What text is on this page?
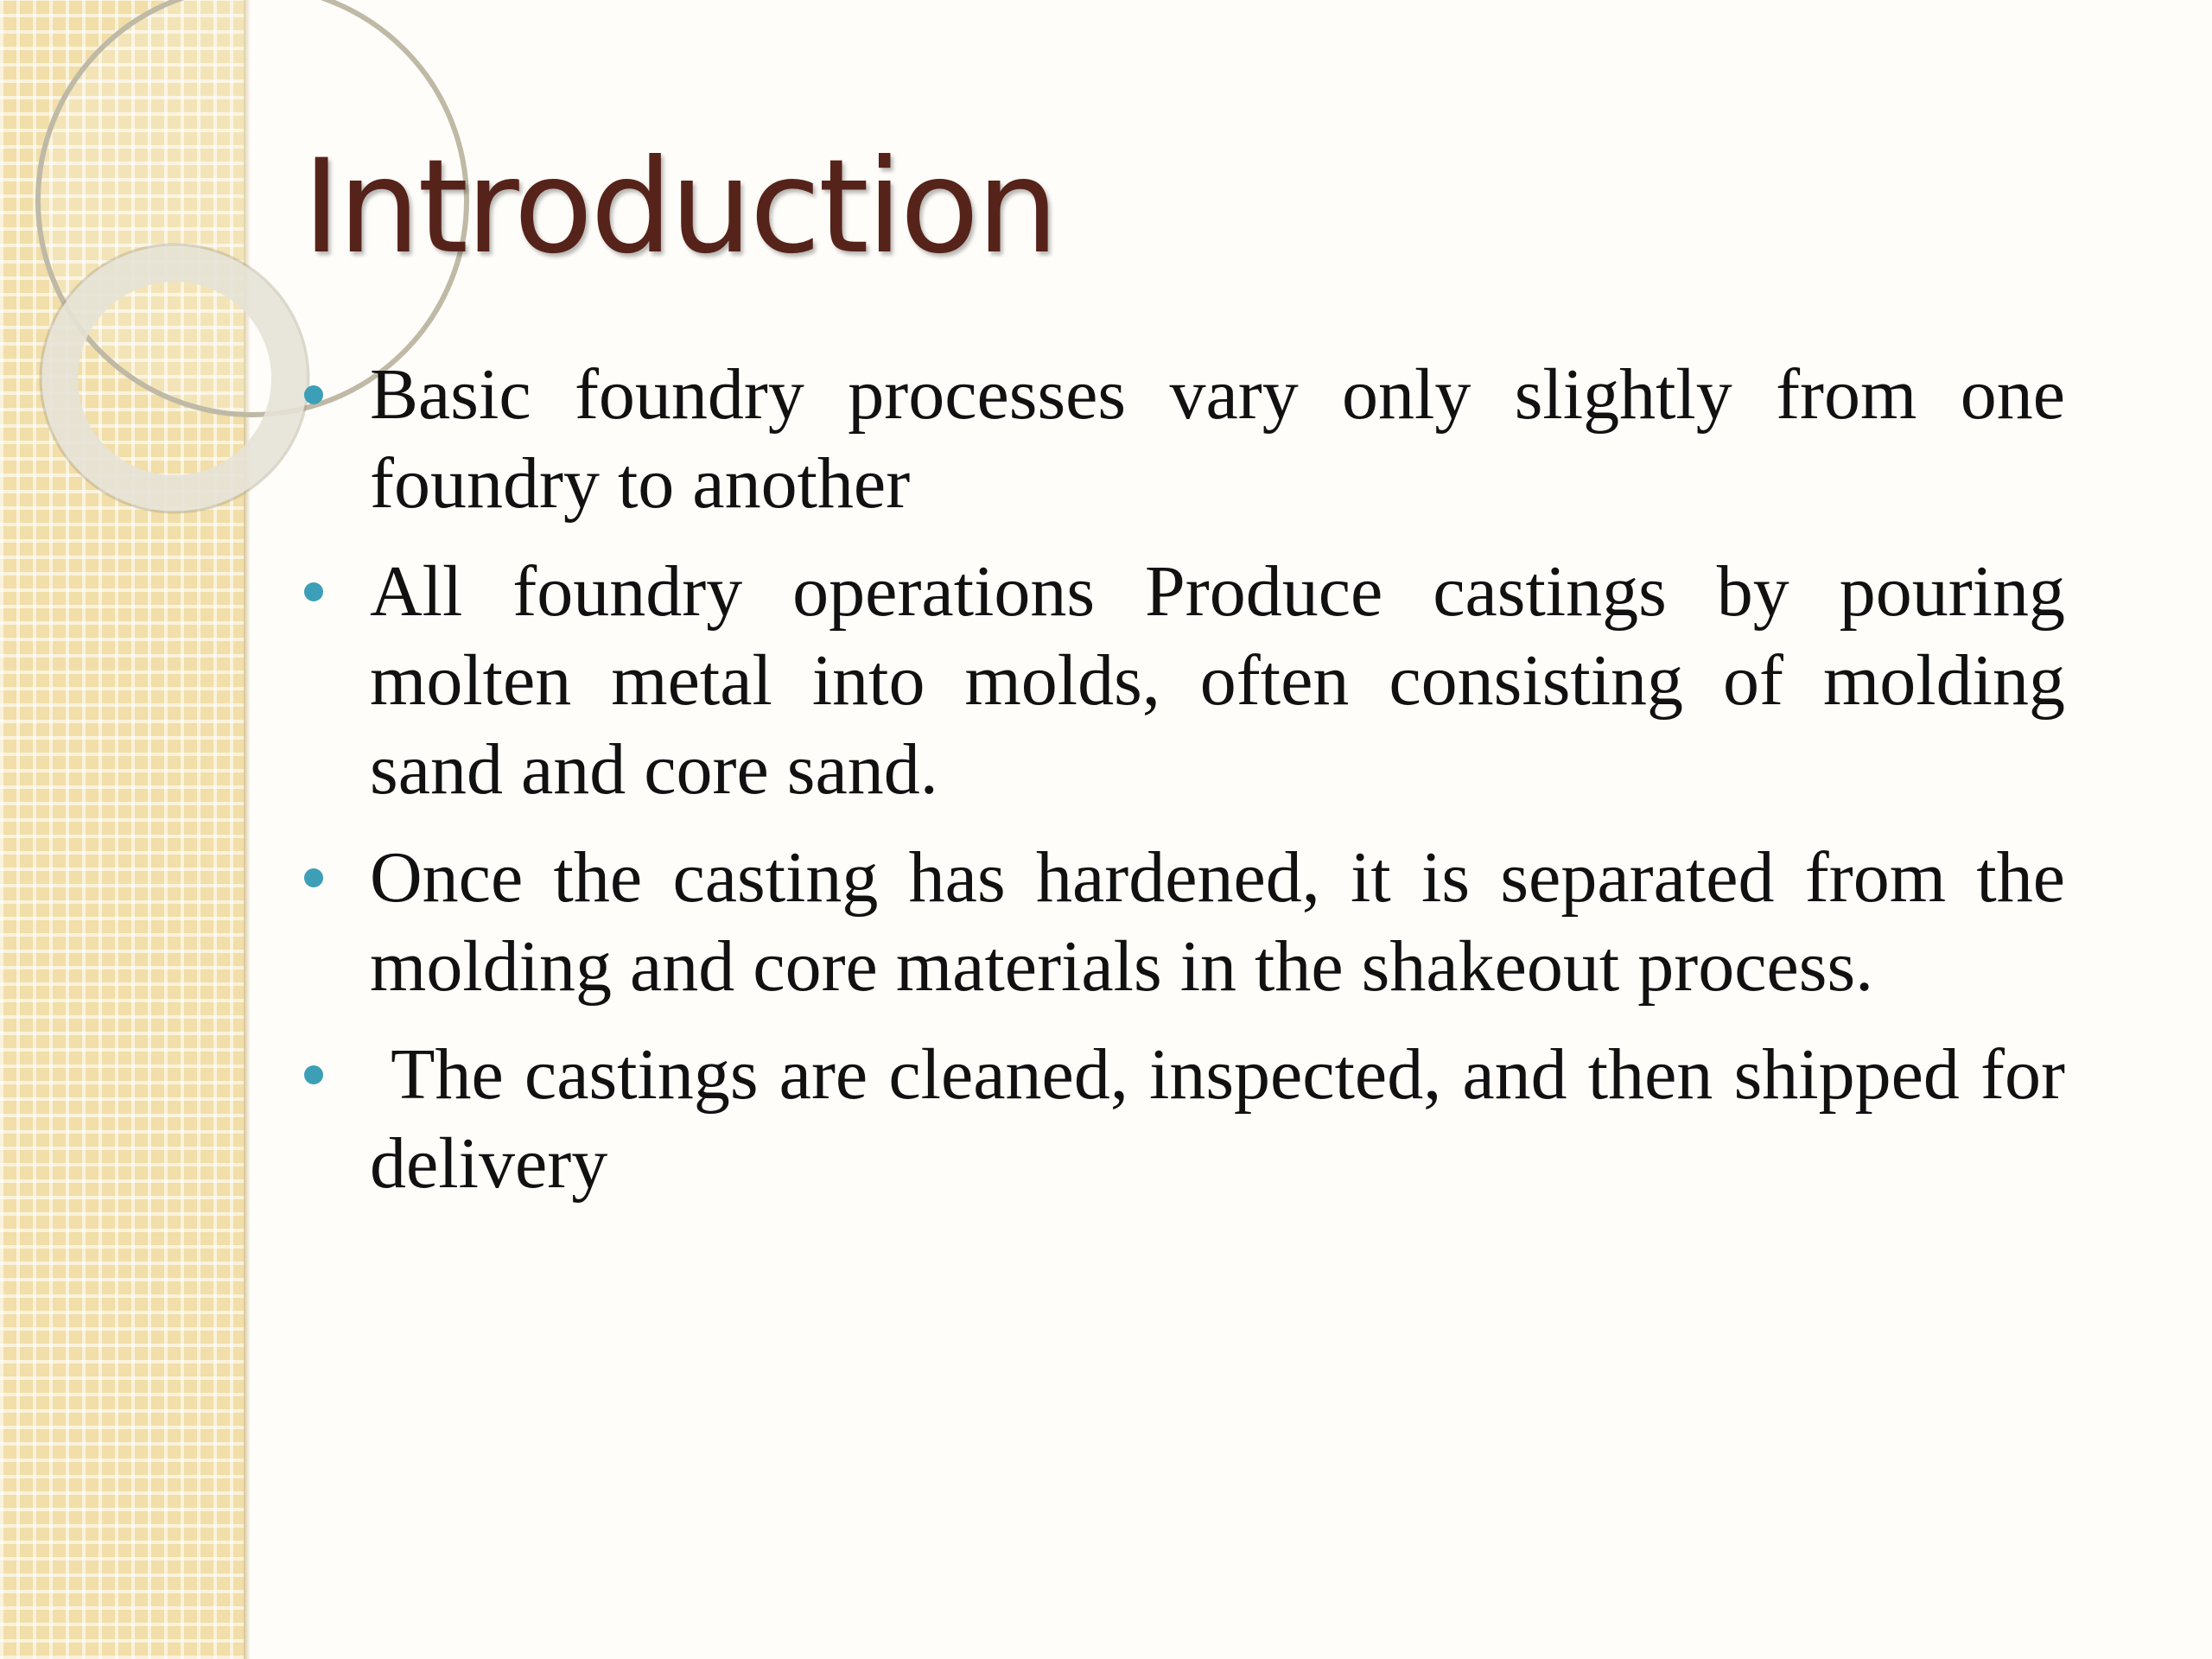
Introduction
Basic foundry processes vary only slightly from one foundry to another
All foundry operations Produce castings by pouring molten metal into molds, often consisting of molding sand and core sand.
Once the casting has hardened, it is separated from the molding and core materials in the shakeout process.
The castings are cleaned, inspected, and then shipped for delivery
